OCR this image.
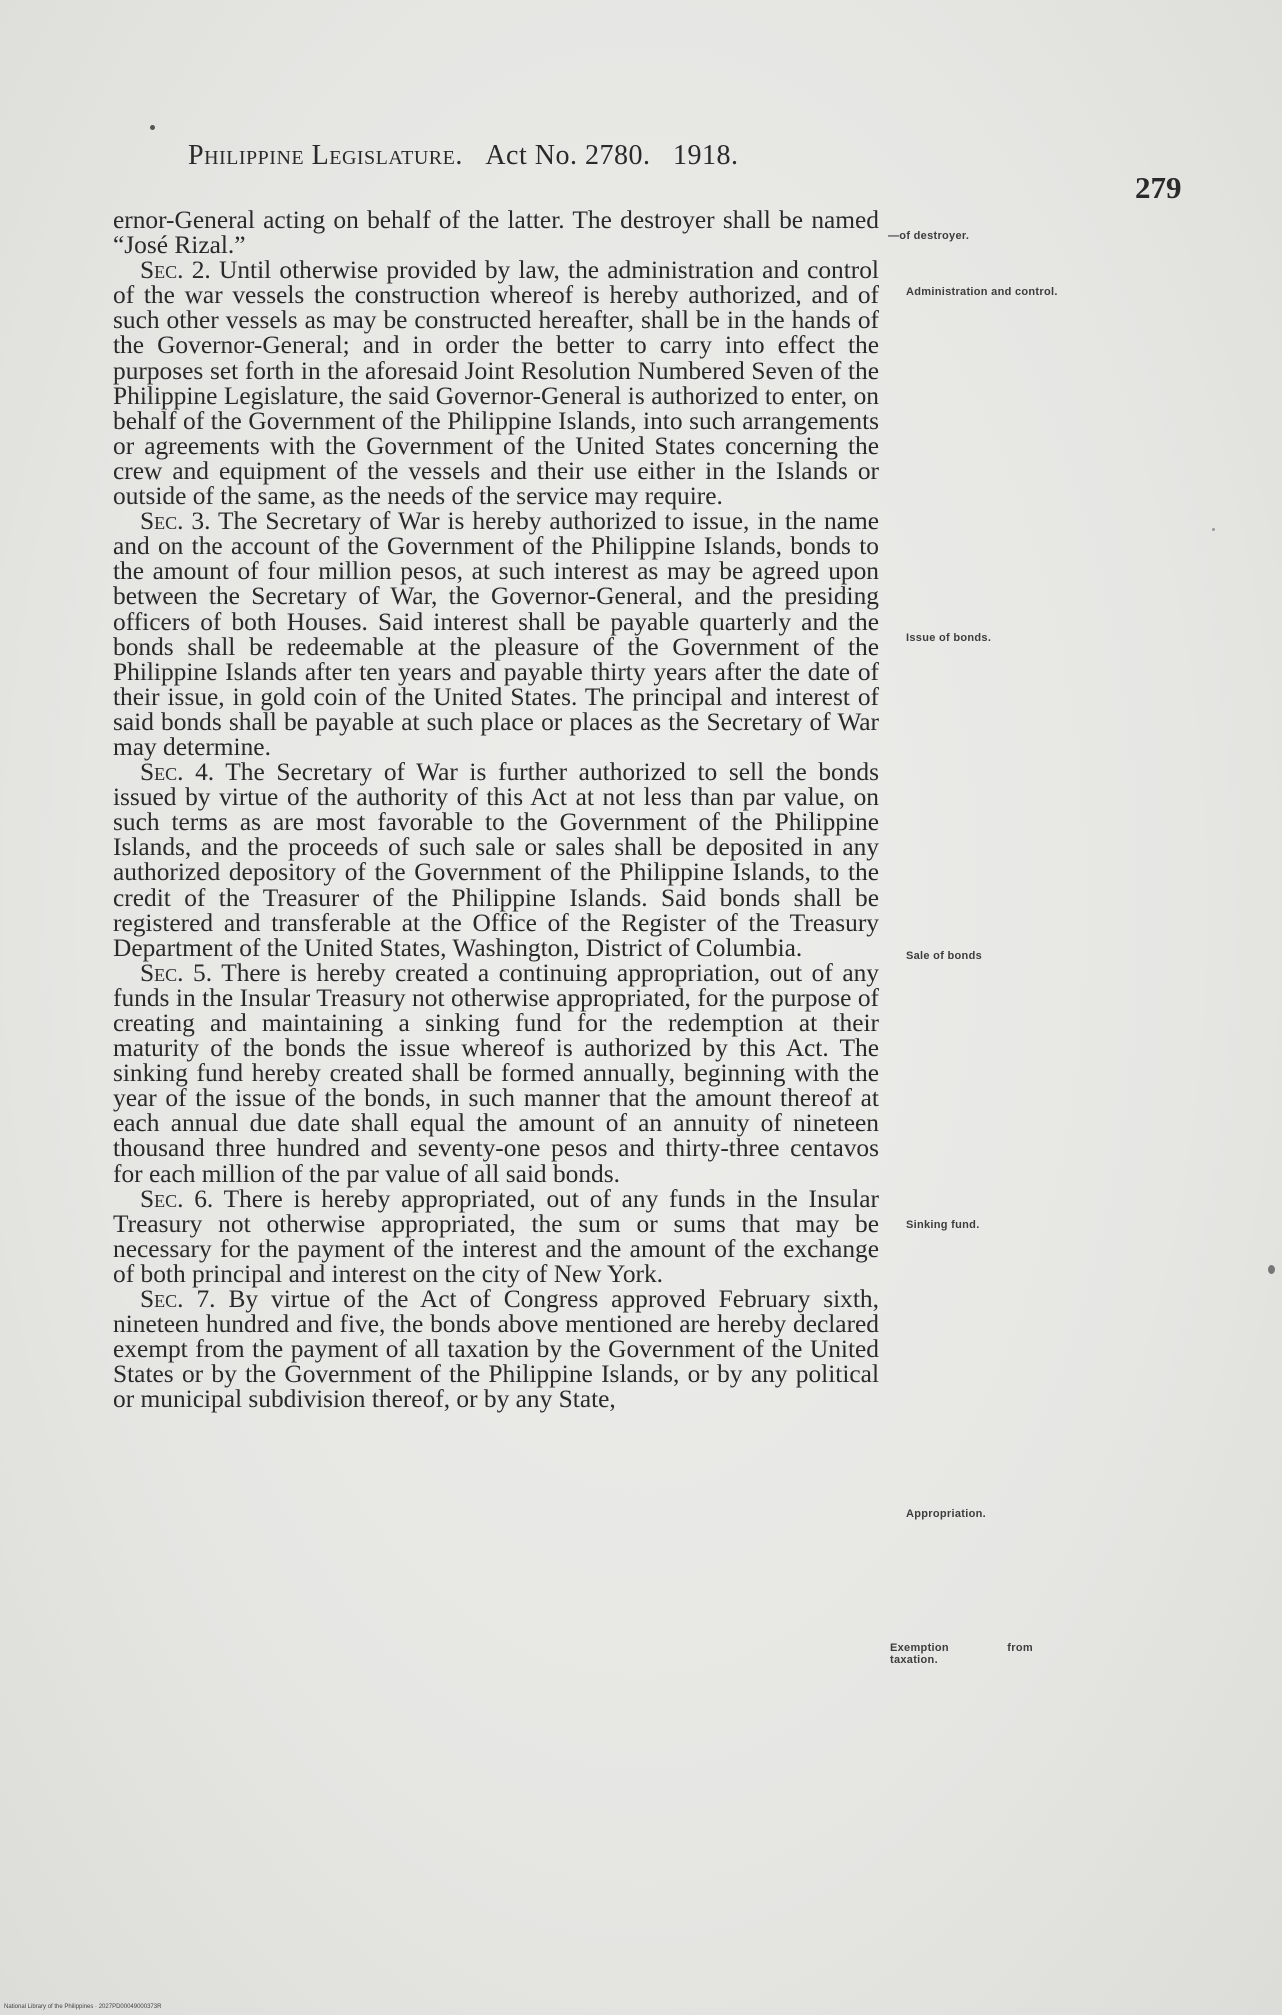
Philippine Legislature. Act No. 2780. 1918.
279

ernor-General acting on behalf of the latter. The destroyer shall be named “José Rizal.”

Sec. 2. Until otherwise provided by law, the administration and control of the war vessels the construction whereof is hereby authorized, and of such other vessels as may be constructed hereafter, shall be in the hands of the Governor-General; and in order the better to carry into effect the purposes set forth in the aforesaid Joint Resolution Numbered Seven of the Philippine Legislature, the said Governor-General is authorized to enter, on behalf of the Government of the Philippine Islands, into such arrangements or agreements with the Government of the United States concerning the crew and equipment of the vessels and their use either in the Islands or outside of the same, as the needs of the service may require.

Sec. 3. The Secretary of War is hereby authorized to issue, in the name and on the account of the Government of the Philippine Islands, bonds to the amount of four million pesos, at such interest as may be agreed upon between the Secretary of War, the Governor-General, and the presiding officers of both Houses. Said interest shall be payable quarterly and the bonds shall be redeemable at the pleasure of the Government of the Philippine Islands after ten years and payable thirty years after the date of their issue, in gold coin of the United States. The principal and interest of said bonds shall be payable at such place or places as the Secretary of War may determine.

Sec. 4. The Secretary of War is further authorized to sell the bonds issued by virtue of the authority of this Act at not less than par value, on such terms as are most favorable to the Government of the Philippine Islands, and the proceeds of such sale or sales shall be deposited in any authorized depository of the Government of the Philippine Islands, to the credit of the Treasurer of the Philippine Islands. Said bonds shall be registered and transferable at the Office of the Register of the Treasury Department of the United States, Washington, District of Columbia.

Sec. 5. There is hereby created a continuing appropriation, out of any funds in the Insular Treasury not otherwise appropriated, for the purpose of creating and maintaining a sinking fund for the redemption at their maturity of the bonds the issue whereof is authorized by this Act. The sinking fund hereby created shall be formed annually, beginning with the year of the issue of the bonds, in such manner that the amount thereof at each annual due date shall equal the amount of an annuity of nineteen thousand three hundred and seventy-one pesos and thirty-three centavos for each million of the par value of all said bonds.

Sec. 6. There is hereby appropriated, out of any funds in the Insular Treasury not otherwise appropriated, the sum or sums that may be necessary for the payment of the interest and the amount of the exchange of both principal and interest on the city of New York.

Sec. 7. By virtue of the Act of Congress approved February sixth, nineteen hundred and five, the bonds above mentioned are hereby declared exempt from the payment of all taxation by the Government of the United States or by the Government of the Philippine Islands, or by any political or municipal subdivision thereof, or by any State,

—of destroyer.
Administration and control.
Issue of bonds.
Sale of bonds
Sinking fund.
Appropriation.
Exemption from taxation.
National Library of the Philippines · 2027PD00049000373R
